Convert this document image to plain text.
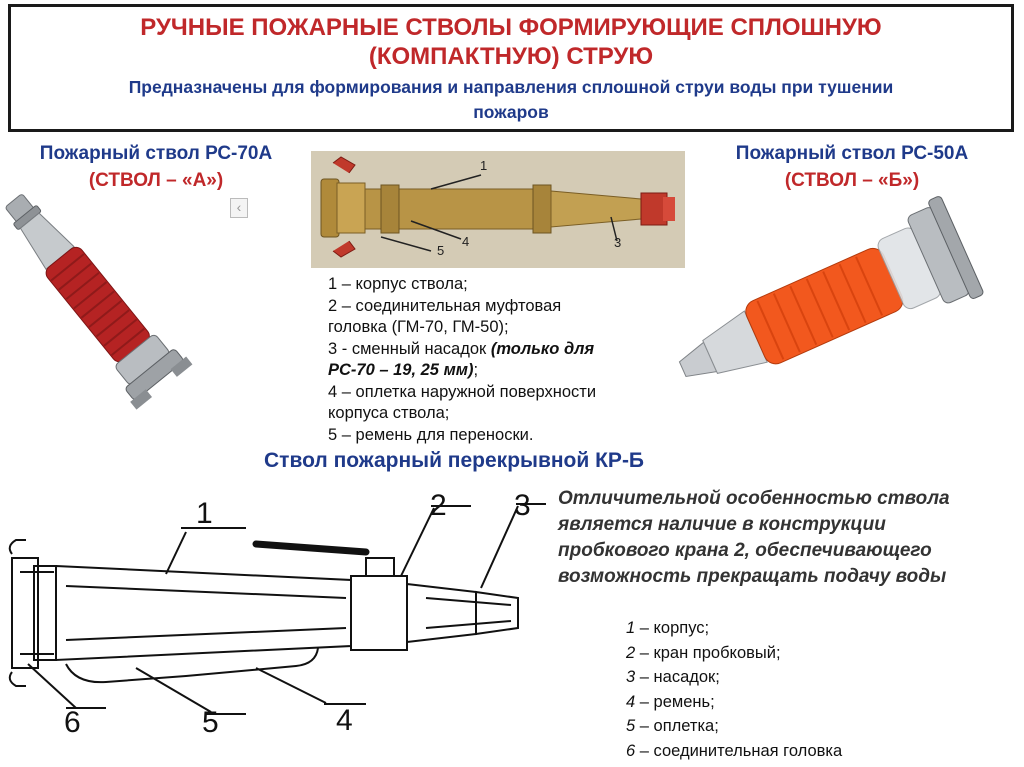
РУЧНЫЕ ПОЖАРНЫЕ СТВОЛЫ ФОРМИРУЮЩИЕ СПЛОШНУЮ
(КОМПАКТНУЮ) СТРУЮ
Предназначены для формирования и направления сплошной струи воды при тушении
пожаров
Пожарный ствол РС-70А
(СТВОЛ – «А»)
Пожарный ствол РС-50А
(СТВОЛ – «Б»)
‹
1
4
5
3
1 – корпус ствола;
2 – соединительная муфтовая
головка (ГМ-70, ГМ-50);
3 - сменный насадок (только для
РС-70 – 19, 25 мм);
4 – оплетка наружной поверхности
корпуса ствола;
5 – ремень для переноски.
Ствол пожарный перекрывной КР-Б
1	2 3
4
5
6
Отличительной особенностью ствола
является наличие в конструкции
пробкового крана 2, обеспечивающего
возможность прекращать подачу воды
1 – корпус;
2 – кран пробковый;
3 – насадок;
4 – ремень;
5 – оплетка;
6 – соединительная головка
